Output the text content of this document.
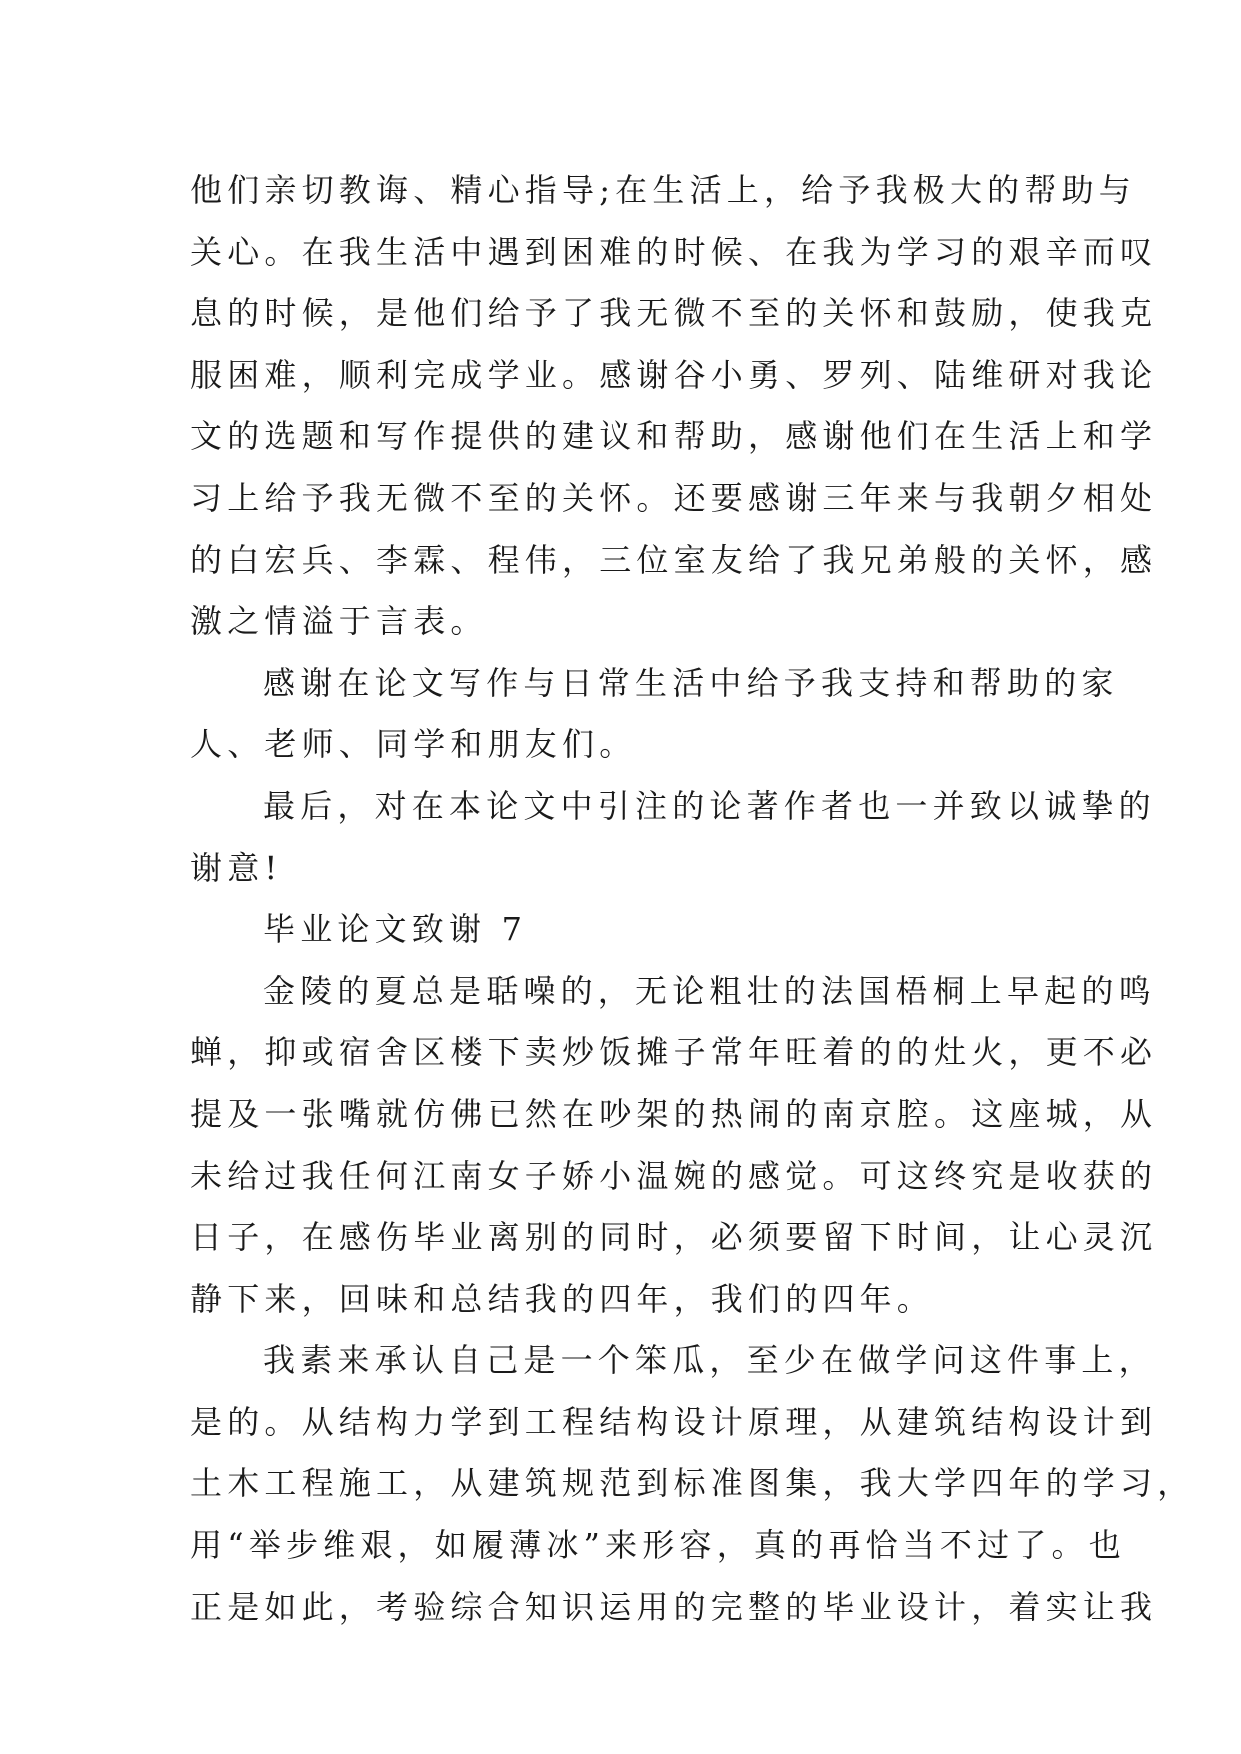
他们亲切教诲、精心指导;在生活上，给予我极大的帮助与
关心。在我生活中遇到困难的时候、在我为学习的艰辛而叹
息的时候，是他们给予了我无微不至的关怀和鼓励，使我克
服困难，顺利完成学业。感谢谷小勇、罗列、陆维研对我论
文的选题和写作提供的建议和帮助，感谢他们在生活上和学
习上给予我无微不至的关怀。还要感谢三年来与我朝夕相处
的白宏兵、李霖、程伟，三位室友给了我兄弟般的关怀，感
激之情溢于言表。
感谢在论文写作与日常生活中给予我支持和帮助的家
人、老师、同学和朋友们。
最后，对在本论文中引注的论著作者也一并致以诚挚的
谢意!
毕业论文致谢 7
金陵的夏总是聒噪的，无论粗壮的法国梧桐上早起的鸣
蝉，抑或宿舍区楼下卖炒饭摊子常年旺着的的灶火，更不必
提及一张嘴就仿佛已然在吵架的热闹的南京腔。这座城，从
未给过我任何江南女子娇小温婉的感觉。可这终究是收获的
日子，在感伤毕业离别的同时，必须要留下时间，让心灵沉
静下来，回味和总结我的四年，我们的四年。
我素来承认自己是一个笨瓜，至少在做学问这件事上，
是的。从结构力学到工程结构设计原理，从建筑结构设计到
土木工程施工，从建筑规范到标准图集，我大学四年的学习，
用“举步维艰，如履薄冰”来形容，真的再恰当不过了。也
正是如此，考验综合知识运用的完整的毕业设计，着实让我
